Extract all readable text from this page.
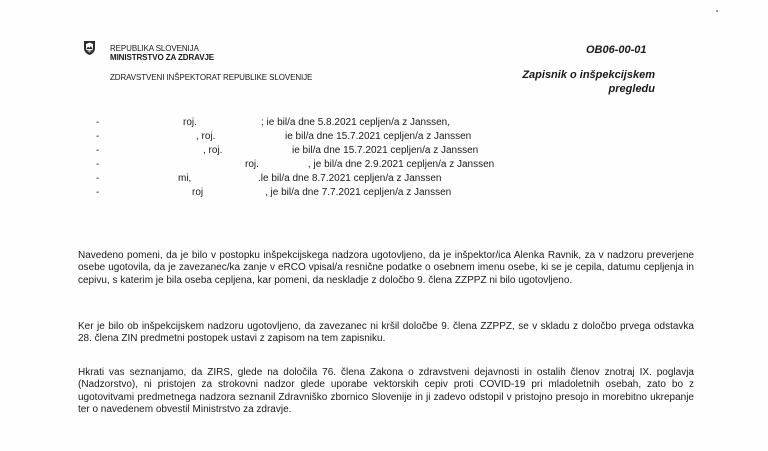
REPUBLIKA SLOVENIJA
MINISTRSTVO ZA ZDRAVJE
ZDRAVSTVENI INŠPEKTORAT REPUBLIKE SLOVENIJE
OB06-00-01
Zapisnik o inšpekcijskem pregledu
-	roj.	; ie bil/a dne 5.8.2021 cepljen/a z Janssen,
-	, roj.	ie bil/a dne 15.7.2021 cepljen/a z Janssen
-	, roj.	ie bil/a dne 15.7.2021 cepljen/a z Janssen
-	roj.	, je bil/a dne 2.9.2021 cepljen/a z Janssen
-	mi,	.le bil/a dne 8.7.2021 cepljen/a z Janssen
-	roj	, je bil/a dne 7.7.2021 cepljen/a z Janssen
Navedeno pomeni, da je bilo v postopku inšpekcijskega nadzora ugotovljeno, da je inšpektor/ica Alenka Ravnik, za v nadzoru preverjene osebe ugotovila, da je zavezanec/ka zanje v eRCO vpisal/a resnične podatke o osebnem imenu osebe, ki se je cepila, datumu cepljenja in cepivu, s katerim je bila oseba cepljena, kar pomeni, da neskladje z določbo 9. člena ZZPPZ ni bilo ugotovljeno.
Ker je bilo ob inšpekcijskem nadzoru ugotovljeno, da zavezanec ni kršil določbe 9. člena ZZPPZ, se v skladu z določbo prvega odstavka 28. člena ZIN predmetni postopek ustavi z zapisom na tem zapisniku.
Hkrati vas seznanjamo, da ZIRS, glede na določila 76. člena Zakona o zdravstveni dejavnosti in ostalih členov znotraj IX. poglavja (Nadzorstvo), ni pristojen za strokovni nadzor glede uporabe vektorskih cepiv proti COVID-19 pri mladoletnih osebah, zato bo z ugotovitvami predmetnega nadzora seznanil Zdravniško zbornico Slovenije in ji zadevo odstopil v pristojno presojo in morebitno ukrepanje ter o navedenem obvestil Ministrstvo za zdravje.
